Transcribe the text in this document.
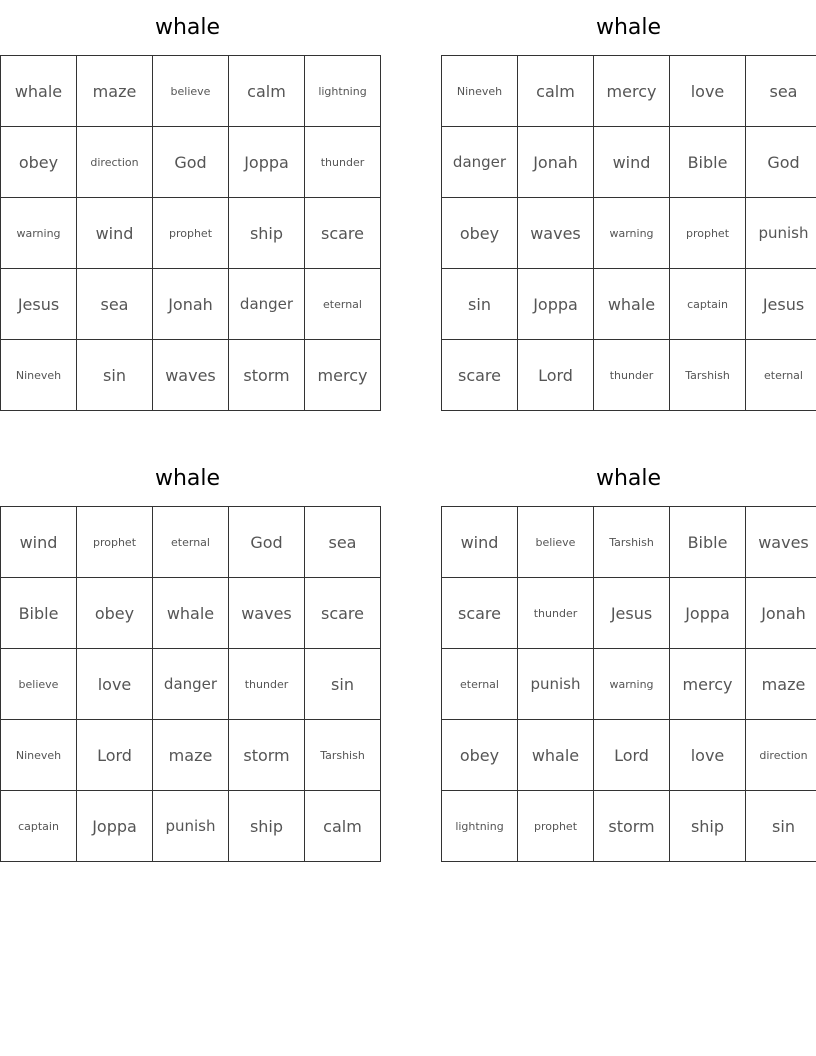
whale
whale	maze	believe	calm	lightning
obey	direction	God	Joppa	thunder
warning	wind	prophet	ship	scare
Jesus	sea	Jonah	danger	eternal
Nineveh	sin	waves	storm	mercy
whale
Nineveh	calm	mercy	love	sea
danger	Jonah	wind	Bible	God
obey	waves	warning	prophet	punish
sin	Joppa	whale	captain	Jesus
scare	Lord	thunder	Tarshish	eternal
whale
wind	prophet	eternal	God	sea
Bible	obey	whale	waves	scare
believe	love	danger	thunder	sin
Nineveh	Lord	maze	storm	Tarshish
captain	Joppa	punish	ship	calm
whale
wind	believe	Tarshish	Bible	waves
scare	thunder	Jesus	Joppa	Jonah
eternal	punish	warning	mercy	maze
obey	whale	Lord	love	direction
lightning	prophet	storm	ship	sin
